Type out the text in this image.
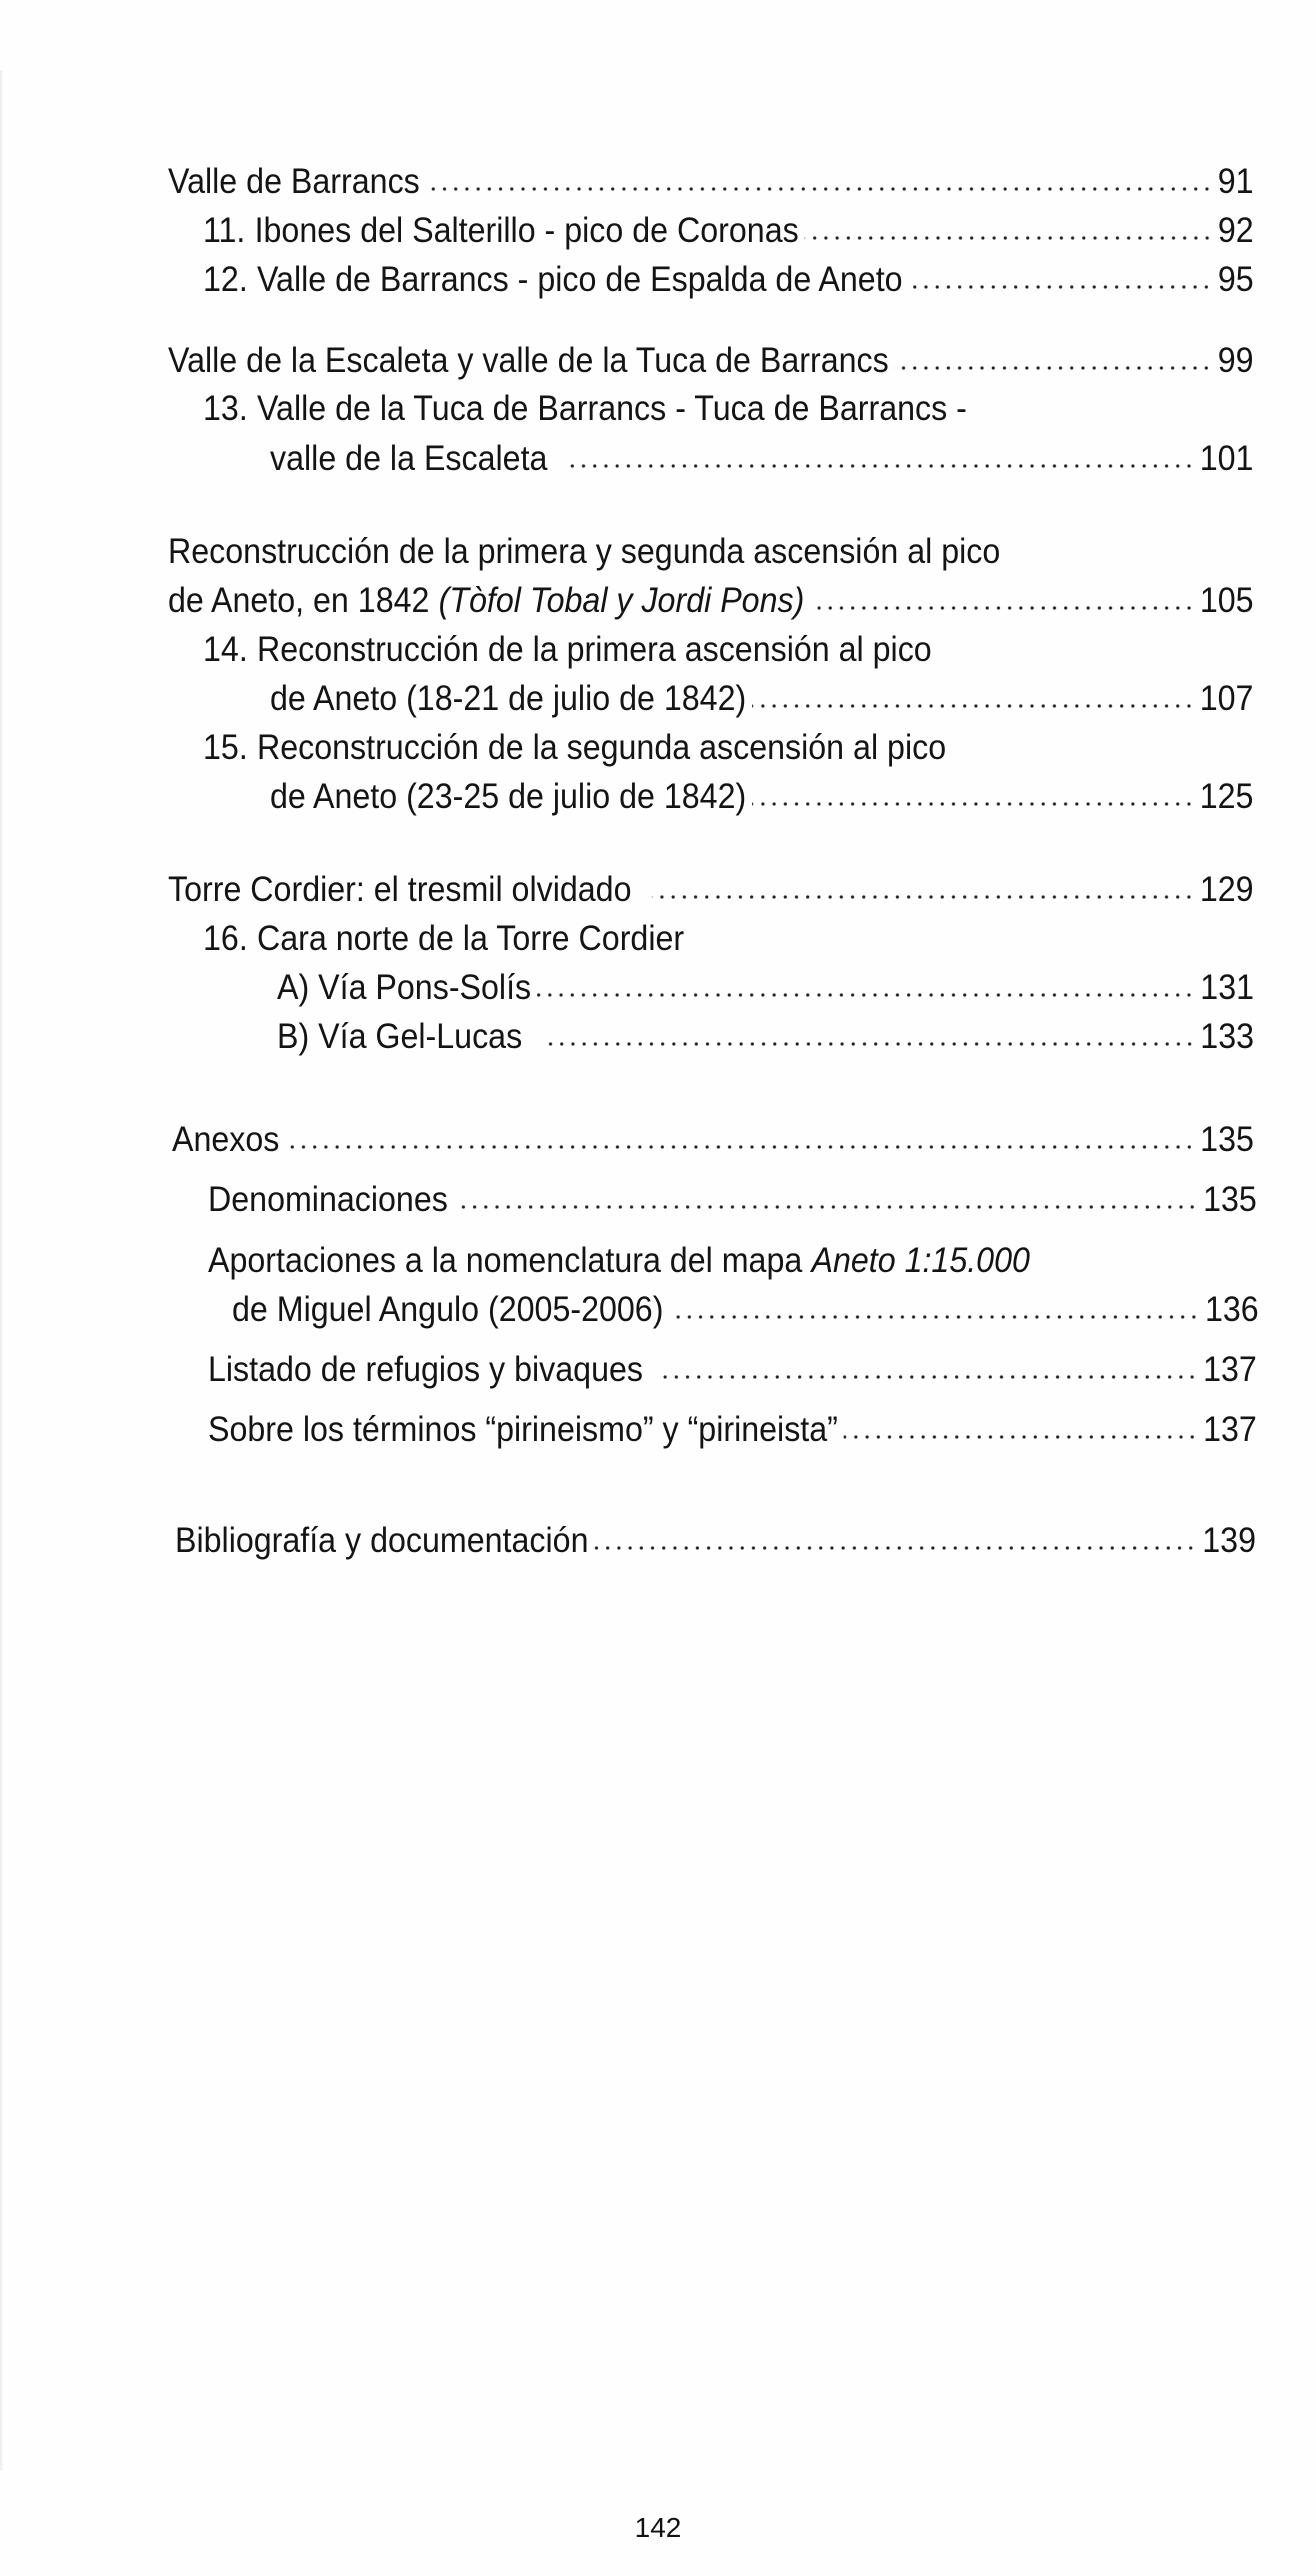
Valle de Barrancs	91
11. Ibones del Salterillo - pico de Coronas	92
12. Valle de Barrancs - pico de Espalda de Aneto	95
Valle de la Escaleta y valle de la Tuca de Barrancs	99
13. Valle de la Tuca de Barrancs - Tuca de Barrancs -
valle de la Escaleta	101
Reconstrucción de la primera y segunda ascensión al pico
de Aneto, en 1842 (Tòfol Tobal y Jordi Pons)	105
14. Reconstrucción de la primera ascensión al pico
de Aneto (18-21 de julio de 1842)	107
15. Reconstrucción de la segunda ascensión al pico
de Aneto (23-25 de julio de 1842)	125
Torre Cordier: el tresmil olvidado	129
16. Cara norte de la Torre Cordier
A) Vía Pons-Solís	131
B) Vía Gel-Lucas	133
Anexos	135
Denominaciones	135
Aportaciones a la nomenclatura del mapa Aneto 1:15.000
de Miguel Angulo (2005-2006)	136
Listado de refugios y bivaques	137
Sobre los términos “pirineismo” y “pirineista”	137
Bibliografía y documentación	139
142
